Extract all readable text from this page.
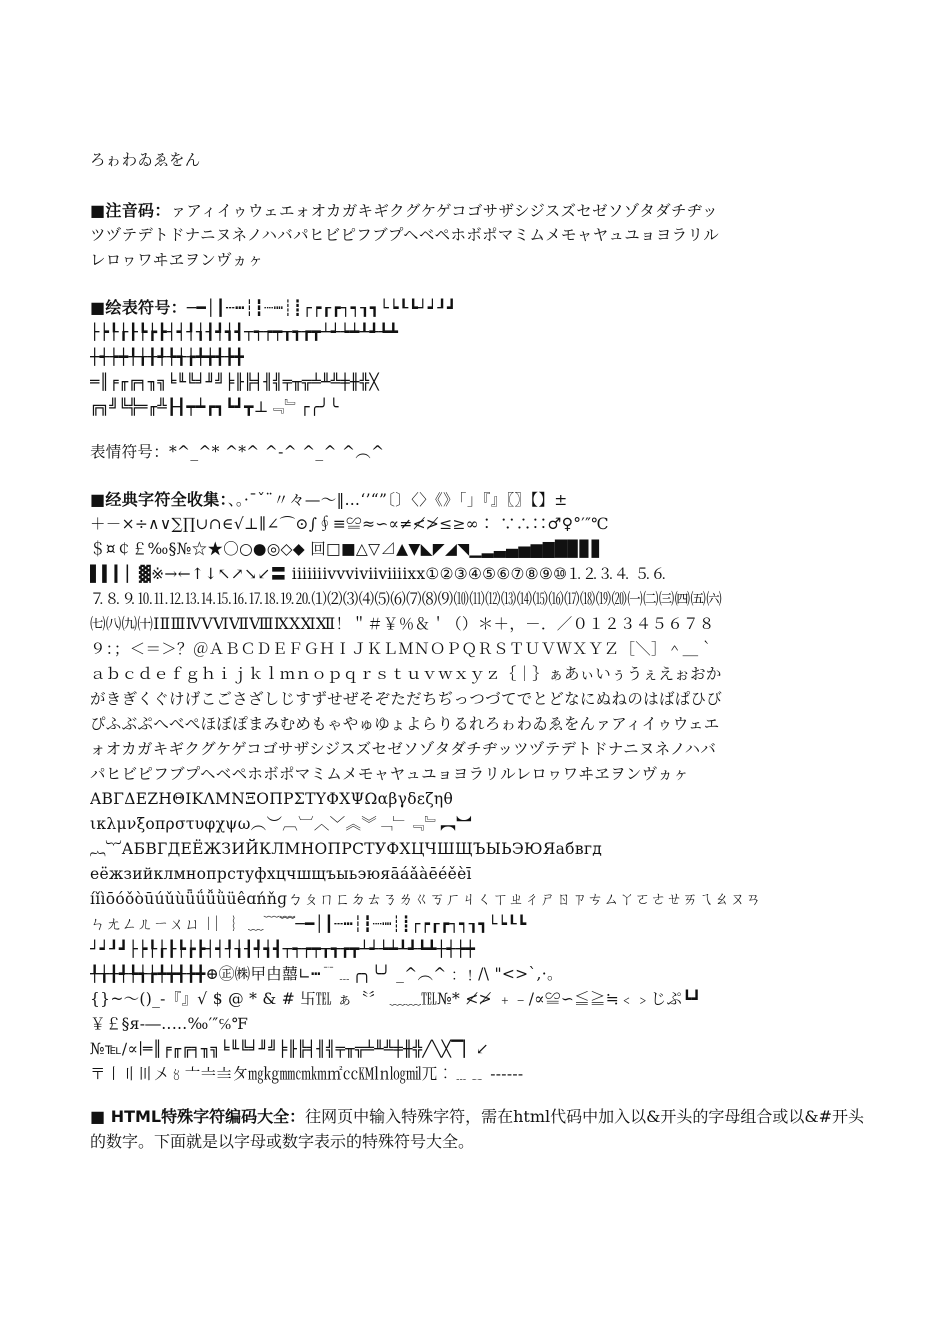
ろゎわゐゑをん
■注音码：ァアィイゥウェエォオカガキギクグケゲコゴサザシジスズセゼソゾタダチヂッ
ツヅテデトドナニヌネノハバパヒビピフブプヘベペホボポマミムメモャヤュユョヨラリル
レロヮワヰヱヲンヴヵヶ
■绘表符号：─━│┃┄┅┆┇┈┉┊┋┌┍┎┏┐┑┒┓└┕┖┗┘┙┚┛
├┝┞┟┠┡┢┣┤┥┦┧┨┩┪┫┬┭┮┯┰┱┲┳┴┵┶┷┸┹┺┻
┼┽┾┿╀╁╂╃╄╅╆╇╈╉╊╋
═║╒╓╔╕╖╗╘╙╚╛╜╝╞╟╠╡╢╣╤╥╦╧╨╩╪╫╬╳
╔╗╝╚╬═╓╩┠┨┯┷┏┓┗┛┳⊥﹃﹄┌╭╯╰
表情符号：*^_^* ^*^ ^-^ ^_^ ^︵^
■经典字符全收集：、。·ˉˇ¨〃々—～‖…‘’“”〔〕〈〉《》「」『』〖〗【】±
＋－×÷∧∨∑∏∪∩∈√⊥∥∠⌒⊙∫∮≡≌≈∽∝≠≮≯≤≥∞∶ ∵∴∷♂♀°′″℃
＄¤￠￡‰§№☆★〇○●◎◇◆ 回□■△▽⊿▲▼◣◤◢◥▁▂▃▄▅▆▇█▉▊▋
▌▍▎▏▓※→←↑↓↖↗↘↙〓 ⅰⅱⅲⅳⅴⅵⅶⅷⅸⅹ①②③④⑤⑥⑦⑧⑨⑩⒈⒉⒊⒋ ⒌⒍
⒎⒏⒐⒑⒒⒓⒔⒕⒖⒗⒘⒙⒚⒛⑴⑵⑶⑷⑸⑹⑺⑻⑼⑽⑾⑿⒀⒁⒂⒃⒄⒅⒆⒇㈠㈡㈢㈣㈤㈥
㈦㈧㈨㈩ⅠⅡⅢⅣⅤⅥⅦⅧⅨⅩⅪⅫ！＂＃￥％＆＇（）＊＋，－．／０１２３４５６７８
９：；＜＝＞？＠ＡＢＣＤＥＦＧＨＩＪＫＬＭＮＯＰＱＲＳＴＵＶＷＸＹＺ［＼］＾＿｀
ａｂｃｄｅｆｇｈｉｊｋｌｍｎｏｐｑｒｓｔｕｖｗｘｙｚ｛｜｝ぁあぃいぅうぇえぉおか
がきぎくぐけげこごさざしじすずせぜそぞただちぢっつづてでとどなにぬねのはばぱひび
ぴふぶぷへべぺほぼぽまみむめもゃやゅゆょよらりるれろゎわゐゑをんァアィイゥウェエ
ォオカガキギクグケゲコゴサザシジスズセゼソゾタダチヂッツヅテデトドナニヌネノハバ
パヒビピフブプヘベペホボポマミムメモャヤュユョヨラリルレロヮワヰヱヲンヴヵヶ
ΑΒΓΔΕΖΗΘΙΚΛΜΝΞΟΠΡΣΤΥΦΧΨΩαβγδεζηθ
ικλμνξοπρστυφχψω︵︶︹︺︿﹀︽︾﹁﹂﹃﹄︻︼
︷︸АБВГДЕЁЖЗИЙКЛМНОПРСТУФХЦЧШЩЪЫЬЭЮЯабвгд
еёжзийклмнопрстуфхцчшщъыьэюяāáǎàēéěèī
íǐìōóǒòūúǔùǖǘǚǜüêɑńňɡㄅㄆㄇㄈㄉㄊㄋㄌㄍㄎㄏㄐㄑㄒㄓㄔㄕㄖㄗㄘㄙㄚㄛㄜㄝㄞㄟㄠㄡㄢ
ㄣㄤㄥㄦㄧㄨㄩ︱︳︴﹏﹋﹌─━│┃┄┅┆┇┈┉┊┋┌┍┎┏┐┑┒┓└┕┖┗
┘┙┚┛├┝┞┟┠┡┢┣┤┥┦┧┨┩┪┫┬┭┮┯┰┱┲┳┴┵┶┷┸┹┺┻┼┽┾┿
╀╁╂╃╄╅╆╇╈╉╊╋⊕㊣㈱曱甴囍∟┅﹊﹍╭╮╰╯ _^︵^﹕﹗/\ "<>`,·。
{}~～()_-『』√ $ @ * & # 卐℡ ぁ〝〞 ﹏﹏℡№* ≮≯ ﹢﹣/∝≌∽≦≧≒﹤﹥じぷ┗┛
￥￡§я-―‥…‰′″℅℉
№℡∕∝∣═║╒╓╔╕╖╗╘╙╚╛╜╝╞╟╠╡╢╣╤╥╦╧╨╩╪╫╬╱╲╳▔▏↙
〒〡〢〣〤〥〦〧〨〩㎎㎏㎜㎝㎞㎡㏄㏎㏑㏒㏕兀︰﹍﹎ ------
■ HTML特殊字符编码大全：往网页中输入特殊字符，需在html代码中加入以&开头的字母组合或以&#开头的数字。下面就是以字母或数字表示的特殊符号大全。
